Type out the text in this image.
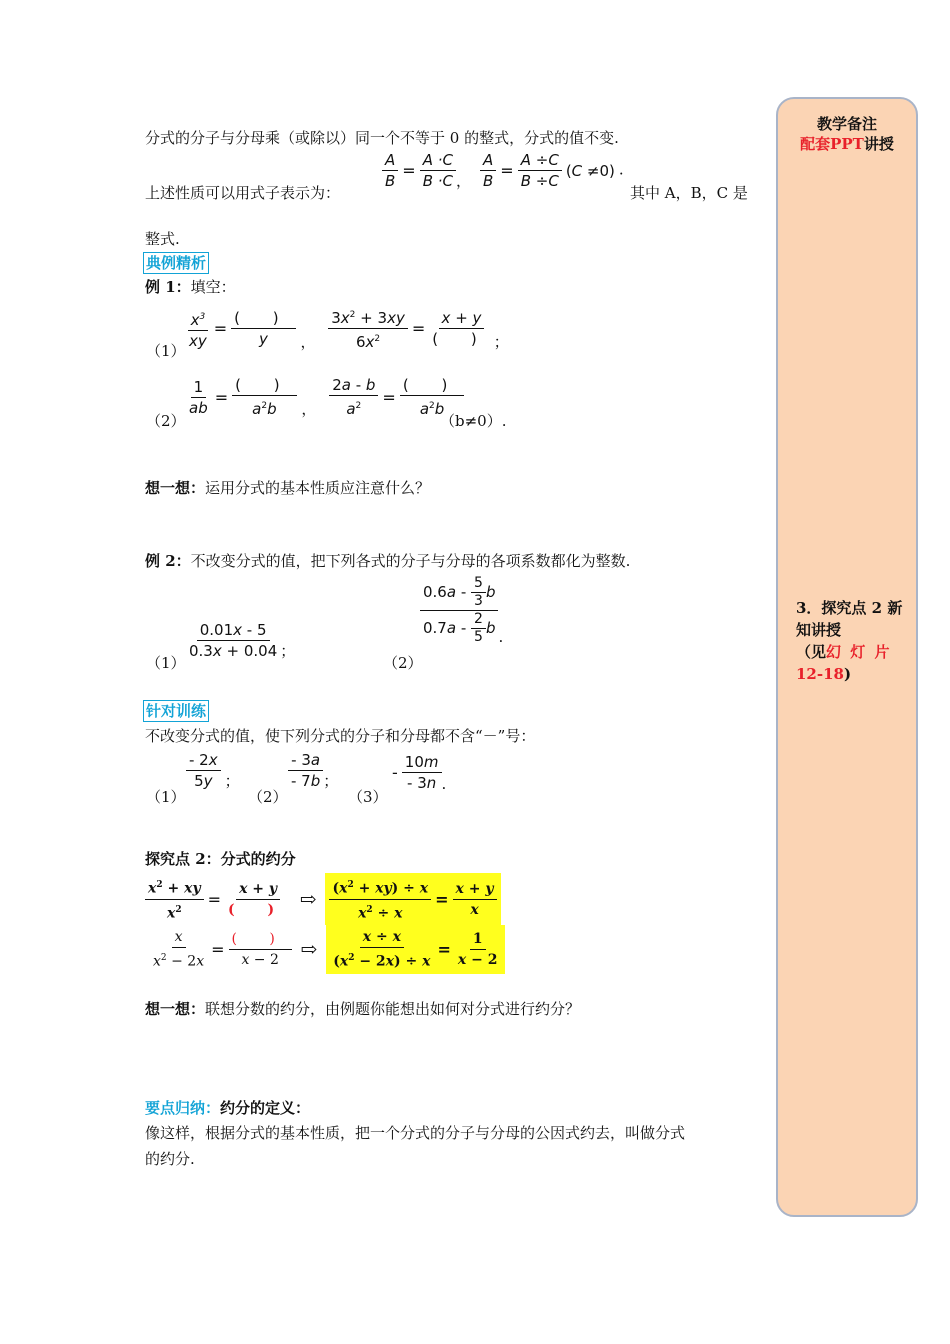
教学备注
配套PPT讲授
3．探究点 2 新
知讲授
（见幻 灯 片
12-18)
分式的分子与分母乘（或除以）同一个不等于 0 的整式，分式的值不变.
上述性质可以用式子表示为：
$\frac{A}{B} = \frac{A \cdot C}{B \cdot C}$ ， $\frac{A}{B} = \frac{A \div C}{B \div C} (C \ne 0)$ .
其中 A，B，C 是
整式.
典例精析
例 1：填空：
（1）
$\frac{x^3}{xy} = \frac{( )}{y}$ ， $\frac{3x^2 + 3xy}{6x^2} = \frac{x + y}{( )}$ ；
（2）
$\frac{1}{ab} = \frac{( )}{a^2b}$ ， $\frac{2a - b}{a^2} = \frac{( )}{a^2b}$
（b≠0）.
想一想：运用分式的基本性质应注意什么？
例 2：不改变分式的值，把下列各式的分子与分母的各项系数都化为整数.
（1）
$\frac{0.01x - 5}{0.3x + 0.04}$ ；
（2）
$\frac{0.6a - \frac{5}{3} b}{0.7a - \frac{2}{5} b}$ .
针对训练
不改变分式的值，使下列分式的分子和分母都不含“－”号：
（1）
$\frac{- 2x}{5y}$ ；
（2）
$\frac{- 3a}{- 7b}$ ；
（3）
- $\frac{10m}{- 3n}$ .
探究点 2：分式的约分
$\frac{x^2 + xy}{x^2} = \frac{x + y}{( )}$ ⇨ $\frac{(x^2 + xy) \div x}{x^2 \div x} = \frac{x + y}{x}$
$\frac{x}{x^2 - 2x} = \frac{( )}{x - 2}$ ⇨ $\frac{x \div x}{(x^2 - 2x) \div x} = \frac{1}{x - 2}$
想一想：联想分数的约分，由例题你能想出如何对分式进行约分？
要点归纳：约分的定义：
像这样，根据分式的基本性质，把一个分式的分子与分母的公因式约去，叫做分式
的约分.
